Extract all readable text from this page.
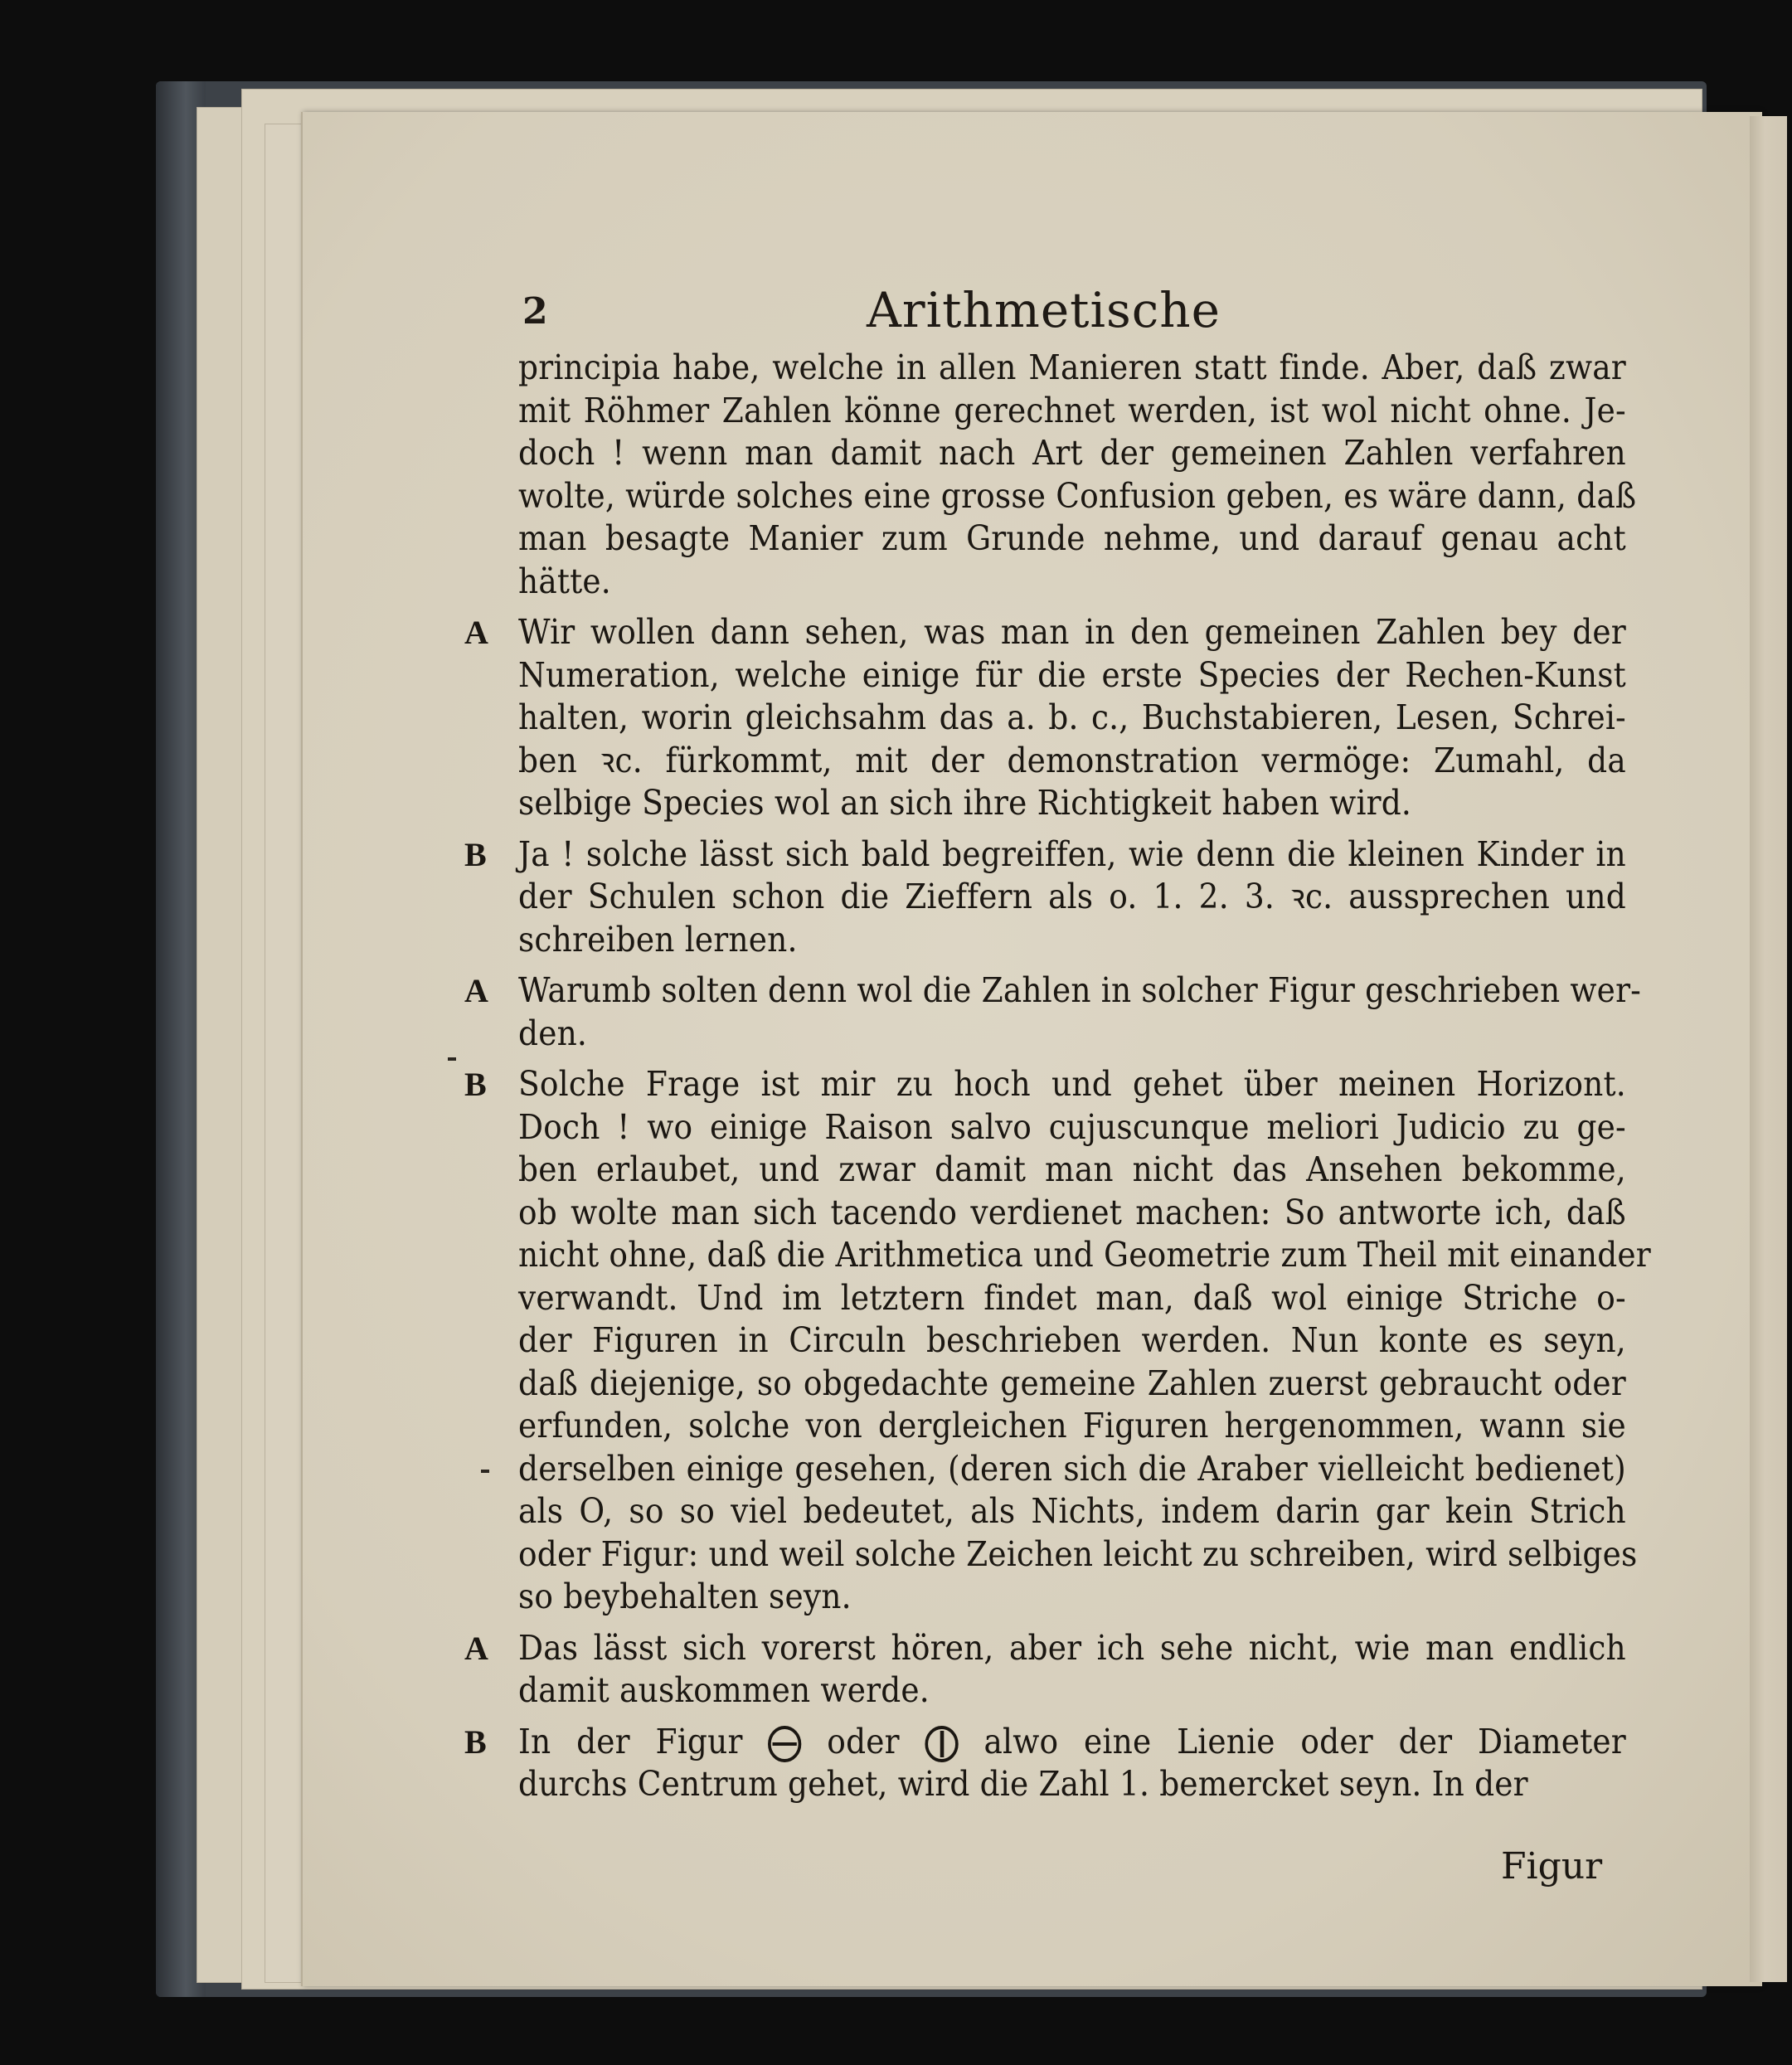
2	Arithmetische
principia habe, welche in allen Manieren statt finde. Aber, daß zwar
mit Röhmer Zahlen könne gerechnet werden, ist wol nicht ohne. Je-
doch ! wenn man damit nach Art der gemeinen Zahlen verfahren
wolte, würde solches eine grosse Confusion geben, es wäre dann, daß
man besagte Manier zum Grunde nehme, und darauf genau acht
hätte.
A Wir wollen dann sehen, was man in den gemeinen Zahlen bey der
Numeration, welche einige für die erste Species der Rechen-Kunst
halten, worin gleichsahm das a. b. c., Buchstabieren, Lesen, Schrei-
ben ꝛc. fürkommt, mit der demonstration vermöge: Zumahl, da
selbige Species wol an sich ihre Richtigkeit haben wird.
B Ja ! solche lässt sich bald begreiffen, wie denn die kleinen Kinder in
der Schulen schon die Zieffern als o. 1. 2. 3. ꝛc. aussprechen und
schreiben lernen.
A Warumb solten denn wol die Zahlen in solcher Figur geschrieben wer-
den.
B Solche Frage ist mir zu hoch und gehet über meinen Horizont.
Doch ! wo einige Raison salvo cujuscunque meliori Judicio zu ge-
ben erlaubet, und zwar damit man nicht das Ansehen bekomme,
ob wolte man sich tacendo verdienet machen: So antworte ich, daß
nicht ohne, daß die Arithmetica und Geometrie zum Theil mit einander
verwandt. Und im letztern findet man, daß wol einige Striche o-
der Figuren in Circuln beschrieben werden. Nun konte es seyn,
daß diejenige, so obgedachte gemeine Zahlen zuerst gebraucht oder
erfunden, solche von dergleichen Figuren hergenommen, wann sie
derselben einige gesehen, (deren sich die Araber vielleicht bedienet)
als O, so so viel bedeutet, als Nichts, indem darin gar kein Strich
oder Figur: und weil solche Zeichen leicht zu schreiben, wird selbiges
so beybehalten seyn.
A Das lässt sich vorerst hören, aber ich sehe nicht, wie man endlich
damit auskommen werde.
B In der Figur oder alwo eine Lienie oder der Diameter
durchs Centrum gehet, wird die Zahl 1. bemercket seyn. In der
Figur
